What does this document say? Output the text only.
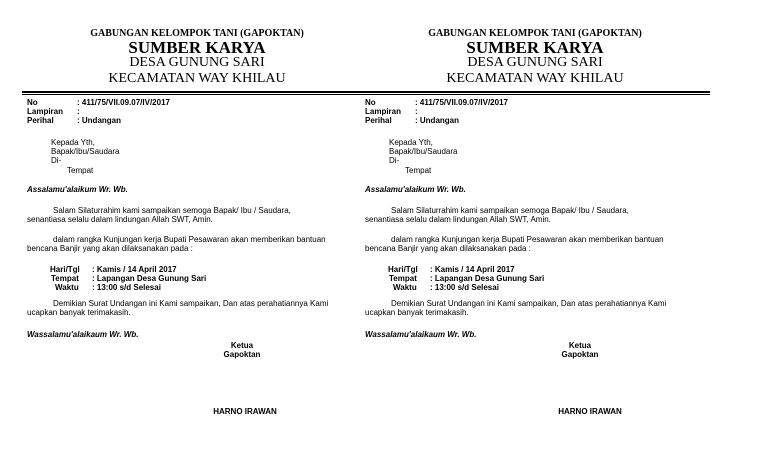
GABUNGAN KELOMPOK TANI (GAPOKTAN)
SUMBER KARYA
DESA GUNUNG SARI
KECAMATAN WAY KHILAU
No	: 411/75/VII.09.07/IV/2017
Lampiran :
Perihal	: Undangan
Kepada Yth,
Bapak/Ibu/Saudara
Di-
Tempat
Assalamu'alaikum Wr. Wb.
Salam Silaturrahim kami sampaikan semoga Bapak/ Ibu / Saudara,
senantiasa selalu dalam lindungan Allah SWT, Amin.
dalam rangka Kunjungan kerja Bupati Pesawaran akan memberikan bantuan
bencana Banjir yang akan dilaksanakan pada :
Hari/Tgl : Kamis / 14 April 2017
Tempat : Lapangan Desa Gunung Sari
Waktu : 13:00 s/d Selesai
Demikian Surat Undangan ini Kami sampaikan, Dan atas perahatiannya Kami
ucapkan banyak terimakasih.
Wassalamu'alaikaum Wr. Wb.
Ketua
Gapoktan
HARNO IRAWAN
GABUNGAN KELOMPOK TANI (GAPOKTAN)
SUMBER KARYA
DESA GUNUNG SARI
KECAMATAN WAY KHILAU
No	: 411/75/VII.09.07/IV/2017
Lampiran :
Perihal	: Undangan
Kepada Yth,
Bapak/Ibu/Saudara
Di-
Tempat
Assalamu'alaikum Wr. Wb.
Salam Silaturrahim kami sampaikan semoga Bapak/ Ibu / Saudara,
senantiasa selalu dalam lindungan Allah SWT, Amin.
dalam rangka Kunjungan kerja Bupati Pesawaran akan memberikan bantuan
bencana Banjir yang akan dilaksanakan pada :
Hari/Tgl : Kamis / 14 April 2017
Tempat : Lapangan Desa Gunung Sari
Waktu : 13:00 s/d Selesai
Demikian Surat Undangan ini Kami sampaikan, Dan atas perahatiannya Kami
ucapkan banyak terimakasih.
Wassalamu'alaikaum Wr. Wb.
Ketua
Gapoktan
HARNO IRAWAN
